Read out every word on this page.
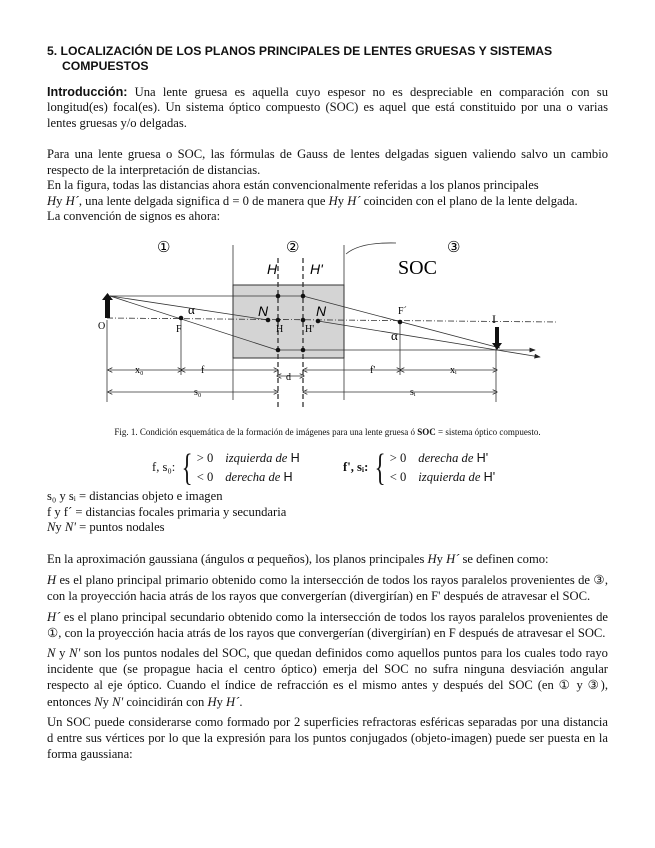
5. LOCALIZACIÓN DE LOS PLANOS PRINCIPALES DE LENTES GRUESAS Y SISTEMAS
COMPUESTOS

Introducción: Una lente gruesa es aquella cuyo espesor no es despreciable en comparación con su longitud(es) focal(es). Un sistema óptico compuesto (SOC) es aquel que está constituido por una o varias lentes gruesas y/o delgadas.

Para una lente gruesa o SOC, las fórmulas de Gauss de lentes delgadas siguen valiendo salvo un cambio respecto de la interpretación de distancias.
En la figura, todas las distancias ahora están convencionalmente referidas a los planos principales
Hy H´, una lente delgada significa d = 0 de manera que Hy H´ coinciden con el plano de la lente delgada.
La convención de signos es ahora:
①	②	③
H H'
N	N
SOC
O	F
F´
I
H H'
α
α
x₀	f
d
f'	xᵢ
s₀	sᵢ
Fig. 1. Condición esquemática de la formación de imágenes para una lente gruesa ó SOC = sistema óptico compuesto.
f, s₀: { > 0 izquierda de H
< 0 derecha de H
f', sᵢ: { > 0 derecha de H'
< 0 izquierda de H'
s₀ y sᵢ = distancias objeto e imagen
f y f´ = distancias focales primaria y secundaria
Ny N' = puntos nodales

En la aproximación gaussiana (ángulos α pequeños), los planos principales Hy H´ se definen como:

H es el plano principal primario obtenido como la intersección de todos los rayos paralelos provenientes de ③, con la proyección hacia atrás de los rayos que convergerían (divergirían) en F' después de atravesar el SOC.

H´ es el plano principal secundario obtenido como la intersección de todos los rayos paralelos provenientes de ①, con la proyección hacia atrás de los rayos que convergerían (divergirían) en F después de atravesar el SOC.

N y N' son los puntos nodales del SOC, que quedan definidos como aquellos puntos para los cuales todo rayo incidente que (se propague hacia el centro óptico) emerja del SOC no sufra ninguna desviación angular respecto al eje óptico. Cuando el índice de refracción es el mismo antes y después del SOC (en ① y ③), entonces Ny N' coincidirán con Hy H´.

Un SOC puede considerarse como formado por 2 superficies refractoras esféricas separadas por una distancia d entre sus vértices por lo que la expresión para los puntos conjugados (objeto-imagen) puede ser puesta en la forma gaussiana:
